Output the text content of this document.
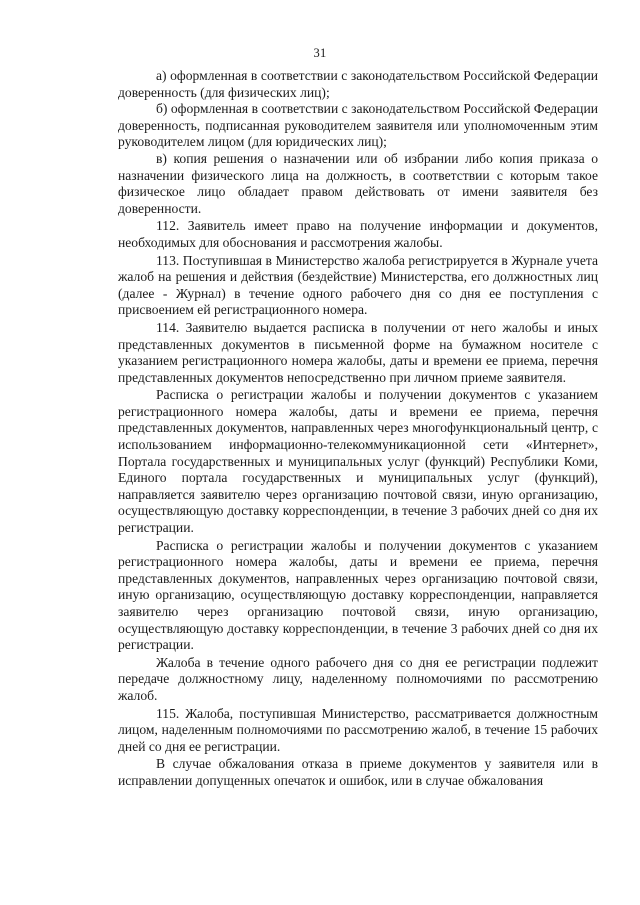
31

а) оформленная в соответствии с законодательством Российской Федерации доверенность (для физических лиц);

б) оформленная в соответствии с законодательством Российской Федерации доверенность, подписанная руководителем заявителя или уполномоченным этим руководителем лицом (для юридических лиц);

в) копия решения о назначении или об избрании либо копия приказа о назначении физического лица на должность, в соответствии с которым такое физическое лицо обладает правом действовать от имени заявителя без доверенности.

112. Заявитель имеет право на получение информации и документов, необходимых для обоснования и рассмотрения жалобы.

113. Поступившая в Министерство жалоба регистрируется в Журнале учета жалоб на решения и действия (бездействие) Министерства, его должностных лиц (далее - Журнал) в течение одного рабочего дня со дня ее поступления с присвоением ей регистрационного номера.

114. Заявителю выдается расписка в получении от него жалобы и иных представленных документов в письменной форме на бумажном носителе с указанием регистрационного номера жалобы, даты и времени ее приема, перечня представленных документов непосредственно при личном приеме заявителя.

Расписка о регистрации жалобы и получении документов с указанием регистрационного номера жалобы, даты и времени ее приема, перечня представленных документов, направленных через многофункциональный центр, с использованием информационно-телекоммуникационной сети «Интернет», Портала государственных и муниципальных услуг (функций) Республики Коми, Единого портала государственных и муниципальных услуг (функций), направляется заявителю через организацию почтовой связи, иную организацию, осуществляющую доставку корреспонденции, в течение 3 рабочих дней со дня их регистрации.

Расписка о регистрации жалобы и получении документов с указанием регистрационного номера жалобы, даты и времени ее приема, перечня представленных документов, направленных через организацию почтовой связи, иную организацию, осуществляющую доставку корреспонденции, направляется заявителю через организацию почтовой связи, иную организацию, осуществляющую доставку корреспонденции, в течение 3 рабочих дней со дня их регистрации.

Жалоба в течение одного рабочего дня со дня ее регистрации подлежит передаче должностному лицу, наделенному полномочиями по рассмотрению жалоб.

115. Жалоба, поступившая Министерство, рассматривается должностным лицом, наделенным полномочиями по рассмотрению жалоб, в течение 15 рабочих дней со дня ее регистрации.

В случае обжалования отказа в приеме документов у заявителя или в исправлении допущенных опечаток и ошибок, или в случае обжалования
